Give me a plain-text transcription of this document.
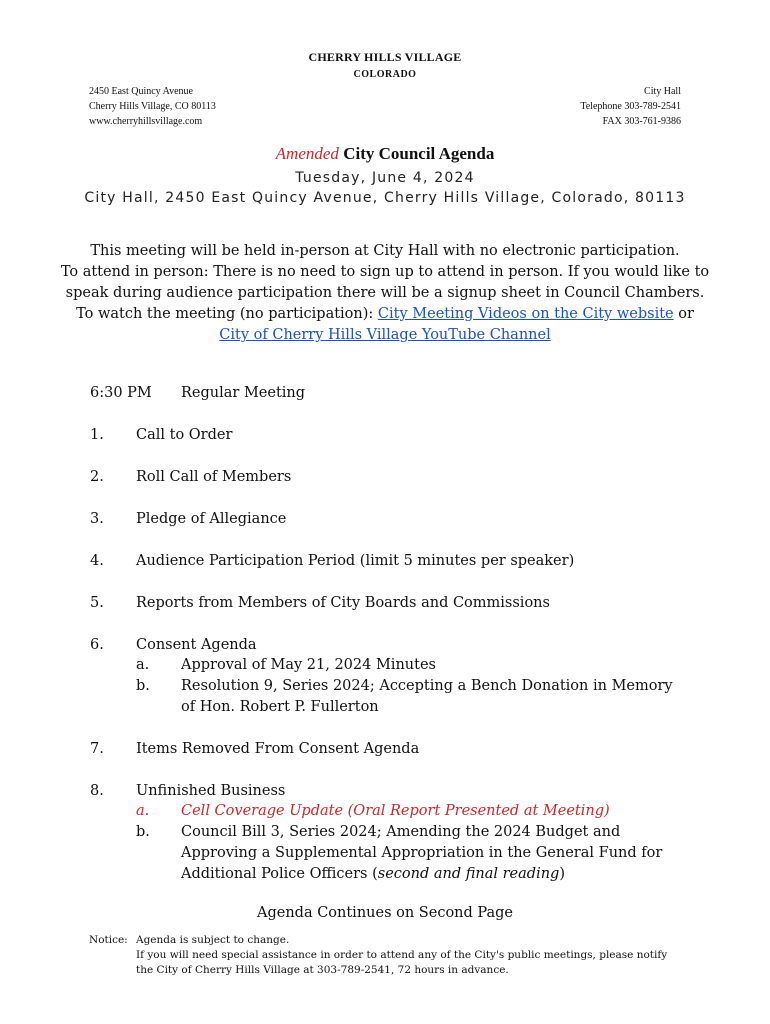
CHERRY HILLS VILLAGE
COLORADO
2450 East Quincy Avenue
Cherry Hills Village, CO 80113
www.cherryhillsvillage.com
City Hall
Telephone 303-789-2541
FAX 303-761-9386
Amended City Council Agenda
Tuesday, June 4, 2024
City Hall, 2450 East Quincy Avenue, Cherry Hills Village, Colorado, 80113
This meeting will be held in-person at City Hall with no electronic participation.
To attend in person: There is no need to sign up to attend in person. If you would like to speak during audience participation there will be a signup sheet in Council Chambers.
To watch the meeting (no participation): City Meeting Videos on the City website or
City of Cherry Hills Village YouTube Channel
6:30 PM Regular Meeting
1. Call to Order
2. Roll Call of Members
3. Pledge of Allegiance
4. Audience Participation Period (limit 5 minutes per speaker)
5. Reports from Members of City Boards and Commissions
6. Consent Agenda
a. Approval of May 21, 2024 Minutes
b. Resolution 9, Series 2024; Accepting a Bench Donation in Memory of Hon. Robert P. Fullerton
7. Items Removed From Consent Agenda
8. Unfinished Business
a. Cell Coverage Update (Oral Report Presented at Meeting)
b. Council Bill 3, Series 2024; Amending the 2024 Budget and Approving a Supplemental Appropriation in the General Fund for Additional Police Officers (second and final reading)
Agenda Continues on Second Page
Notice: Agenda is subject to change.
If you will need special assistance in order to attend any of the City's public meetings, please notify the City of Cherry Hills Village at 303-789-2541, 72 hours in advance.
